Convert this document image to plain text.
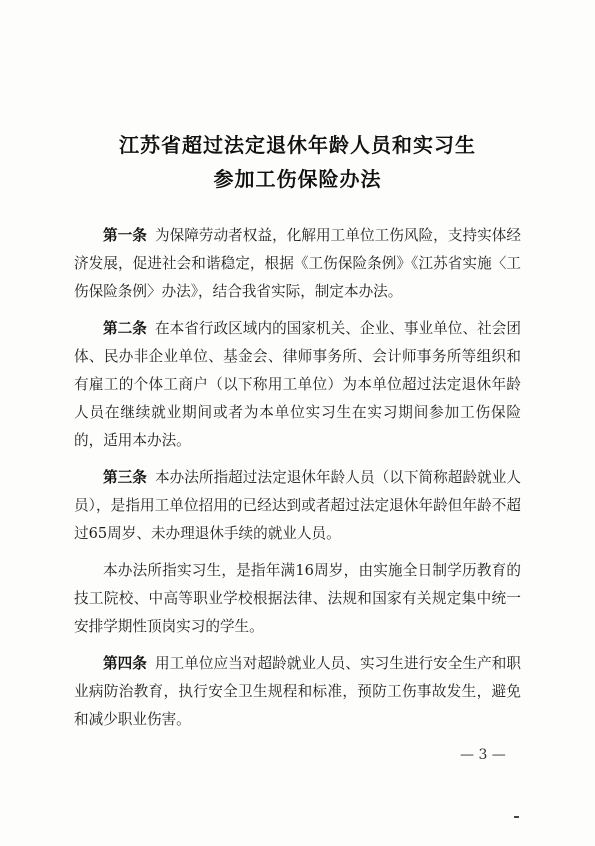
江苏省超过法定退休年龄人员和实习生
参加工伤保险办法

第一条 为保障劳动者权益，化解用工单位工伤风险，支持实体经济发展，促进社会和谐稳定，根据《工伤保险条例》《江苏省实施〈工伤保险条例〉办法》，结合我省实际，制定本办法。

第二条 在本省行政区域内的国家机关、企业、事业单位、社会团体、民办非企业单位、基金会、律师事务所、会计师事务所等组织和有雇工的个体工商户（以下称用工单位）为本单位超过法定退休年龄人员在继续就业期间或者为本单位实习生在实习期间参加工伤保险的，适用本办法。

第三条 本办法所指超过法定退休年龄人员（以下简称超龄就业人员），是指用工单位招用的已经达到或者超过法定退休年龄但年龄不超过65周岁、未办理退休手续的就业人员。

本办法所指实习生，是指年满16周岁，由实施全日制学历教育的技工院校、中高等职业学校根据法律、法规和国家有关规定集中统一安排学期性顶岗实习的学生。

第四条 用工单位应当对超龄就业人员、实习生进行安全生产和职业病防治教育，执行安全卫生规程和标准，预防工伤事故发生，避免和减少职业伤害。

— 3 —
